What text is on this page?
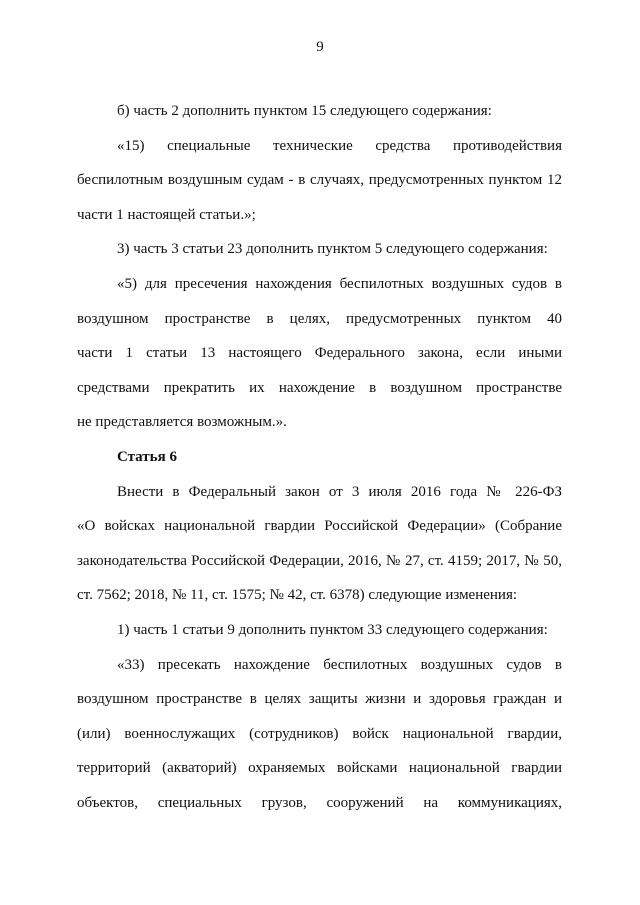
9

б) часть 2 дополнить пунктом 15 следующего содержания:

«15) специальные технические средства противодействия

беспилотным воздушным судам - в случаях, предусмотренных пунктом 12

части 1 настоящей статьи.»;

3) часть 3 статьи 23 дополнить пунктом 5 следующего содержания:

«5) для пресечения нахождения беспилотных воздушных судов в

воздушном пространстве в целях, предусмотренных пунктом 40

части 1 статьи 13 настоящего Федерального закона, если иными

средствами прекратить их нахождение в воздушном пространстве

не представляется возможным.».

Статья 6

Внести в Федеральный закон от 3 июля 2016 года № 226-ФЗ

«О войсках национальной гвардии Российской Федерации» (Собрание

законодательства Российской Федерации, 2016, № 27, ст. 4159; 2017, № 50,

ст. 7562; 2018, № 11, ст. 1575; № 42, ст. 6378) следующие изменения:

1) часть 1 статьи 9 дополнить пунктом 33 следующего содержания:

«33) пресекать нахождение беспилотных воздушных судов в

воздушном пространстве в целях защиты жизни и здоровья граждан и

(или) военнослужащих (сотрудников) войск национальной гвардии,

территорий (акваторий) охраняемых войсками национальной гвардии

объектов, специальных грузов, сооружений на коммуникациях,
